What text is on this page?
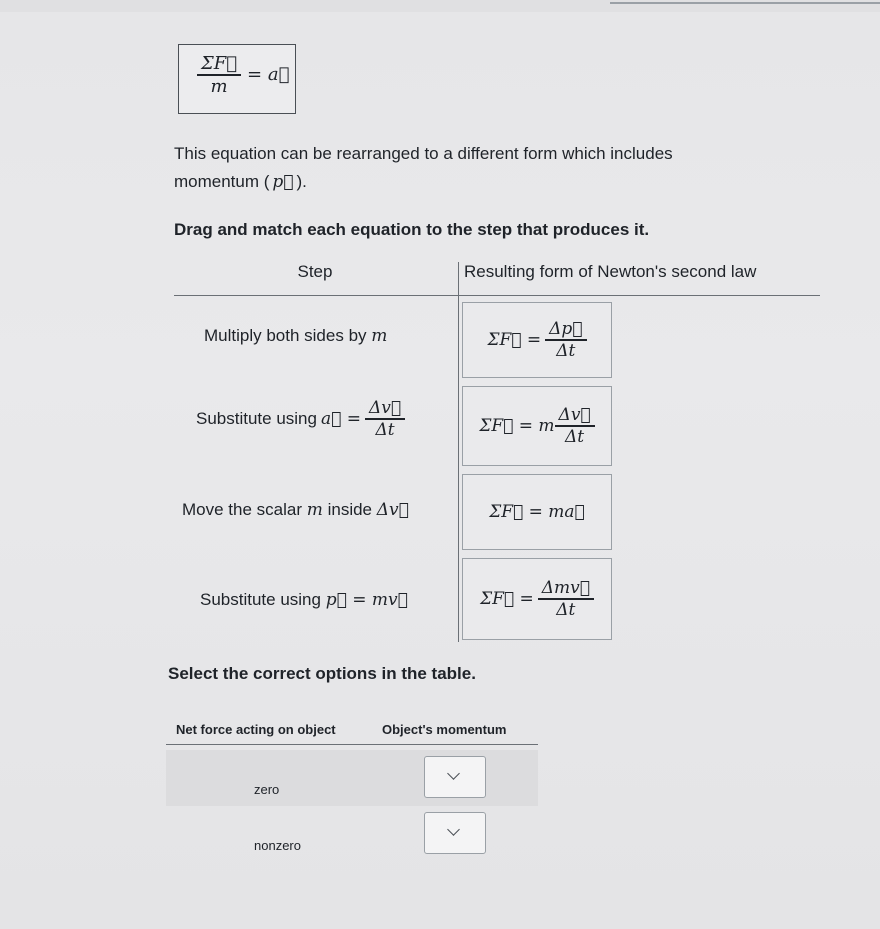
$\frac{\Sigma F⃗}{m}$ = a⃗
This equation can be rearranged to a different form which includes
momentum ( p⃗ ).
Drag and match each equation to the step that produces it.
Step	Resulting form of Newton's second law
Multiply both sides by m
Substitute using a⃗ = $\frac{\Delta v⃗}{\Delta t}$
Move the scalar m inside Δv⃗
Substitute using p⃗ = mv⃗
ΣF⃗ = $\frac{\Delta p⃗}{\Delta t}$
ΣF⃗ = m $\frac{\Delta v⃗}{\Delta t}$
ΣF⃗ = ma⃗
ΣF⃗ = $\frac{\text{Δmv⃗}}{\Delta t}$
Select the correct options in the table.
Net force acting on object	Object's momentum
zero
nonzero
